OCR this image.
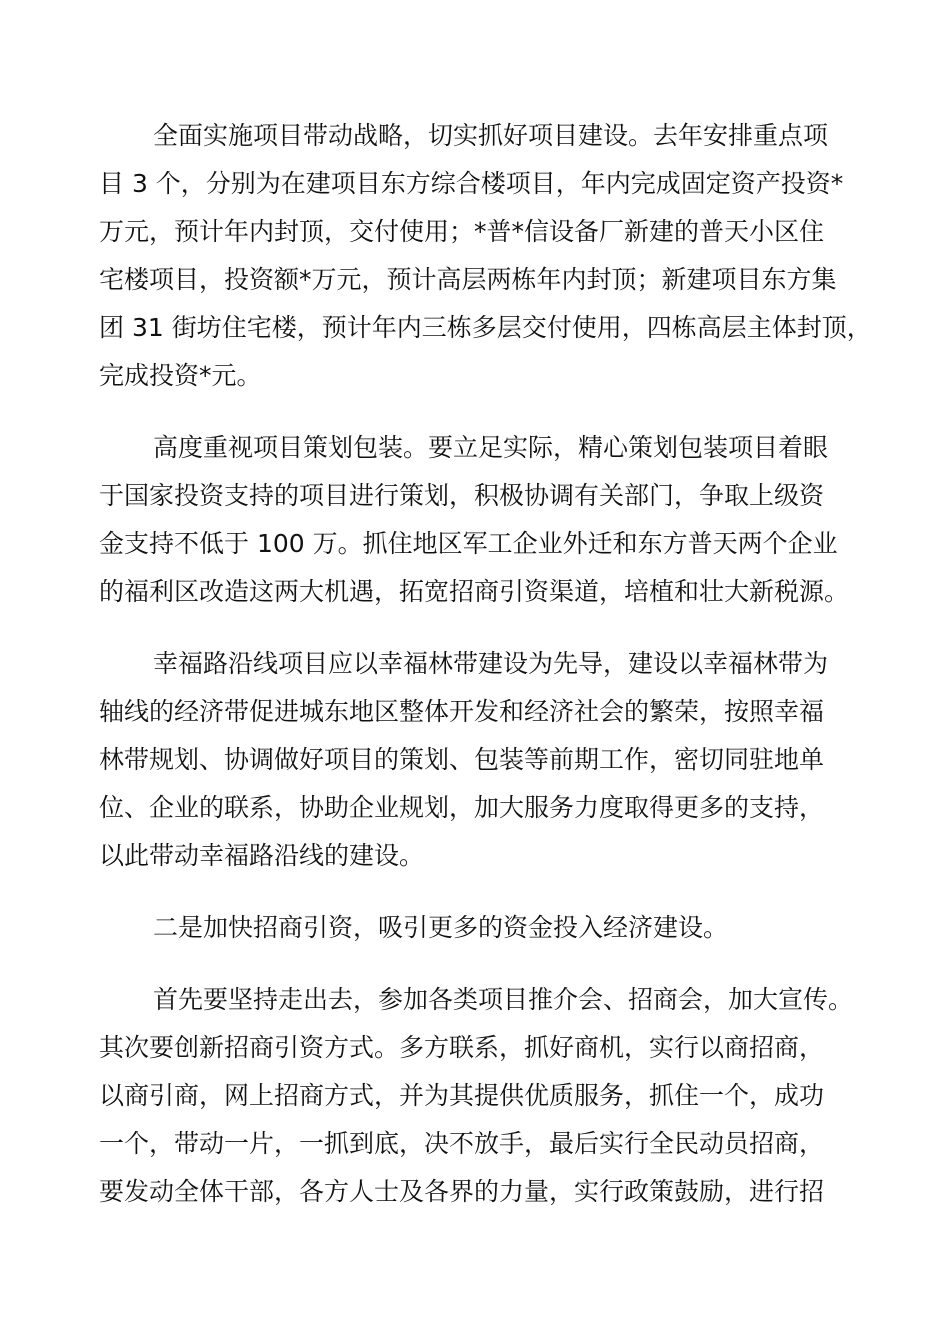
全面实施项目带动战略，切实抓好项目建设。去年安排重点项
目 3 个，分别为在建项目东方综合楼项目，年内完成固定资产投资*
万元，预计年内封顶，交付使用；*普*信设备厂新建的普天小区住
宅楼项目，投资额*万元，预计高层两栋年内封顶；新建项目东方集
团 31 街坊住宅楼，预计年内三栋多层交付使用，四栋高层主体封顶，
完成投资*元。
高度重视项目策划包装。要立足实际，精心策划包装项目着眼
于国家投资支持的项目进行策划，积极协调有关部门，争取上级资
金支持不低于 100 万。抓住地区军工企业外迁和东方普天两个企业
的福利区改造这两大机遇，拓宽招商引资渠道，培植和壮大新税源。
幸福路沿线项目应以幸福林带建设为先导，建设以幸福林带为
轴线的经济带促进城东地区整体开发和经济社会的繁荣，按照幸福
林带规划、协调做好项目的策划、包装等前期工作，密切同驻地单
位、企业的联系，协助企业规划，加大服务力度取得更多的支持，
以此带动幸福路沿线的建设。
二是加快招商引资，吸引更多的资金投入经济建设。
首先要坚持走出去，参加各类项目推介会、招商会，加大宣传。
其次要创新招商引资方式。多方联系，抓好商机，实行以商招商，
以商引商，网上招商方式，并为其提供优质服务，抓住一个，成功
一个，带动一片，一抓到底，决不放手，最后实行全民动员招商，
要发动全体干部，各方人士及各界的力量，实行政策鼓励，进行招
